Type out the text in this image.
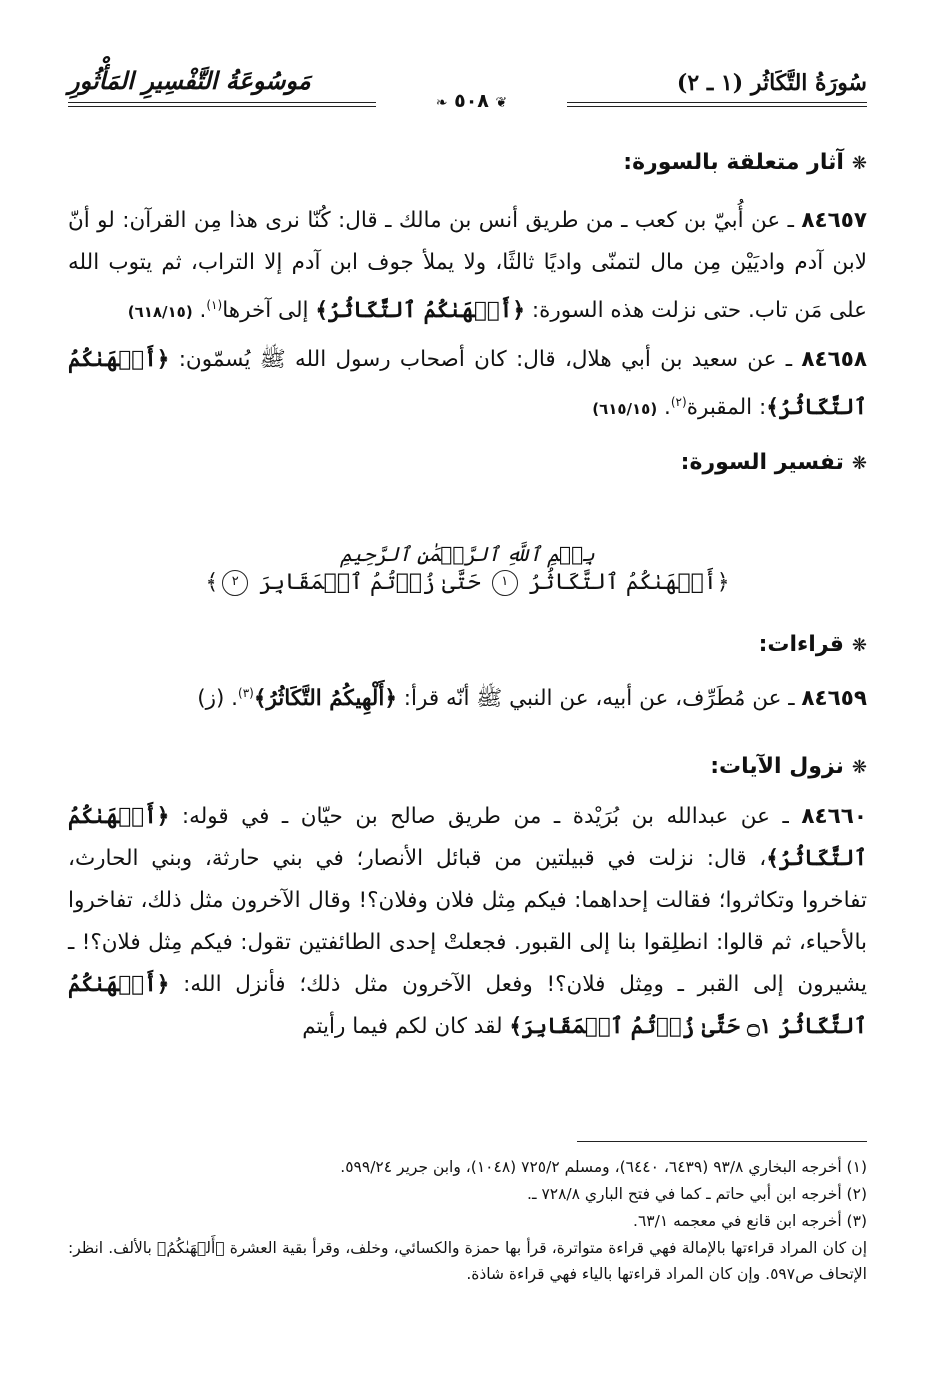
سُورَةُ التَّكَاثُر (١ ـ ٢)
مَوسُوعَةُ التَّفْسِيرِ المَأْثُورِ
❦ ٥٠٨ ❧
❋آثار متعلقة بالسورة:

٨٤٦٥٧ ـ عن أُبيّ بن كعب ـ من طريق أنس بن مالك ـ قال: كُنّا نرى هذا مِن القرآن: لو أنّ لابن آدم واديَيْن مِن مال لتمنّى واديًا ثالثًا، ولا يملأ جوف ابن آدم إلا التراب، ثم يتوب الله على مَن تاب. حتى نزلت هذه السورة: ﴿أَلۡهَىٰكُمُ ٱلتَّكَاثُرُ﴾ إلى آخرها$^{(١)}$. (٦١٨/١٥)

٨٤٦٥٨ ـ عن سعيد بن أبي هلال، قال: كان أصحاب رسول الله ﷺ يُسمّون: ﴿أَلۡهَىٰكُمُ ٱلتَّكَاثُرُ﴾: المقبرة$^{(٢)}$. (٦١٥/١٥)

❋تفسير السورة:

بِسۡمِ ٱللَّهِ ٱلرَّحۡمَٰنِ ٱلرَّحِيمِ

﴿أَلۡهَىٰكُمُ ٱلتَّكَاثُرُ ١ حَتَّىٰ زُرۡتُمُ ٱلۡمَقَابِرَ ٢﴾

❋قراءات:

٨٤٦٥٩ ـ عن مُطَرِّف، عن أبيه، عن النبي ﷺ أنّه قرأ: ﴿أَلْهِيكُمُ التَّكَاثُرُ﴾$^{(٣)}$. (ز)

❋نزول الآيات:

٨٤٦٦٠ ـ عن عبدالله بن بُرَيْدة ـ من طريق صالح بن حيّان ـ في قوله: ﴿أَلۡهَىٰكُمُ ٱلتَّكَاثُرُ﴾، قال: نزلت في قبيلتين من قبائل الأنصار؛ في بني حارثة، وبني الحارث، تفاخروا وتكاثروا؛ فقالت إحداهما: فيكم مِثل فلان وفلان؟! وقال الآخرون مثل ذلك، تفاخروا بالأحياء، ثم قالوا: انطلِقوا بنا إلى القبور. فجعلتْ إحدى الطائفتين تقول: فيكم مِثل فلان؟! ـ يشيرون إلى القبر ـ ومِثل فلان؟! وفعل الآخرون مثل ذلك؛ فأنزل الله: ﴿أَلۡهَىٰكُمُ ٱلتَّكَاثُرُ ۝١ حَتَّىٰ زُرۡتُمُ ٱلۡمَقَابِرَ﴾ لقد كان لكم فيما رأيتم

(١) أخرجه البخاري ٩٣/٨ (٦٤٣٩، ٦٤٤٠)، ومسلم ٧٢٥/٢ (١٠٤٨)، وابن جرير ٥٩٩/٢٤.

(٢) أخرجه ابن أبي حاتم ـ كما في فتح الباري ٧٢٨/٨ ـ.

(٣) أخرجه ابن قانع في معجمه ٦٣/١.

إن كان المراد قراءتها بالإمالة فهي قراءة متواترة، قرأ بها حمزة والكسائي، وخلف، وقرأ بقية العشرة ﴿أَلۡهَىٰكُمُ﴾ بالألف. انظر: الإتحاف ص٥٩٧. وإن كان المراد قراءتها بالياء فهي قراءة شاذة.
